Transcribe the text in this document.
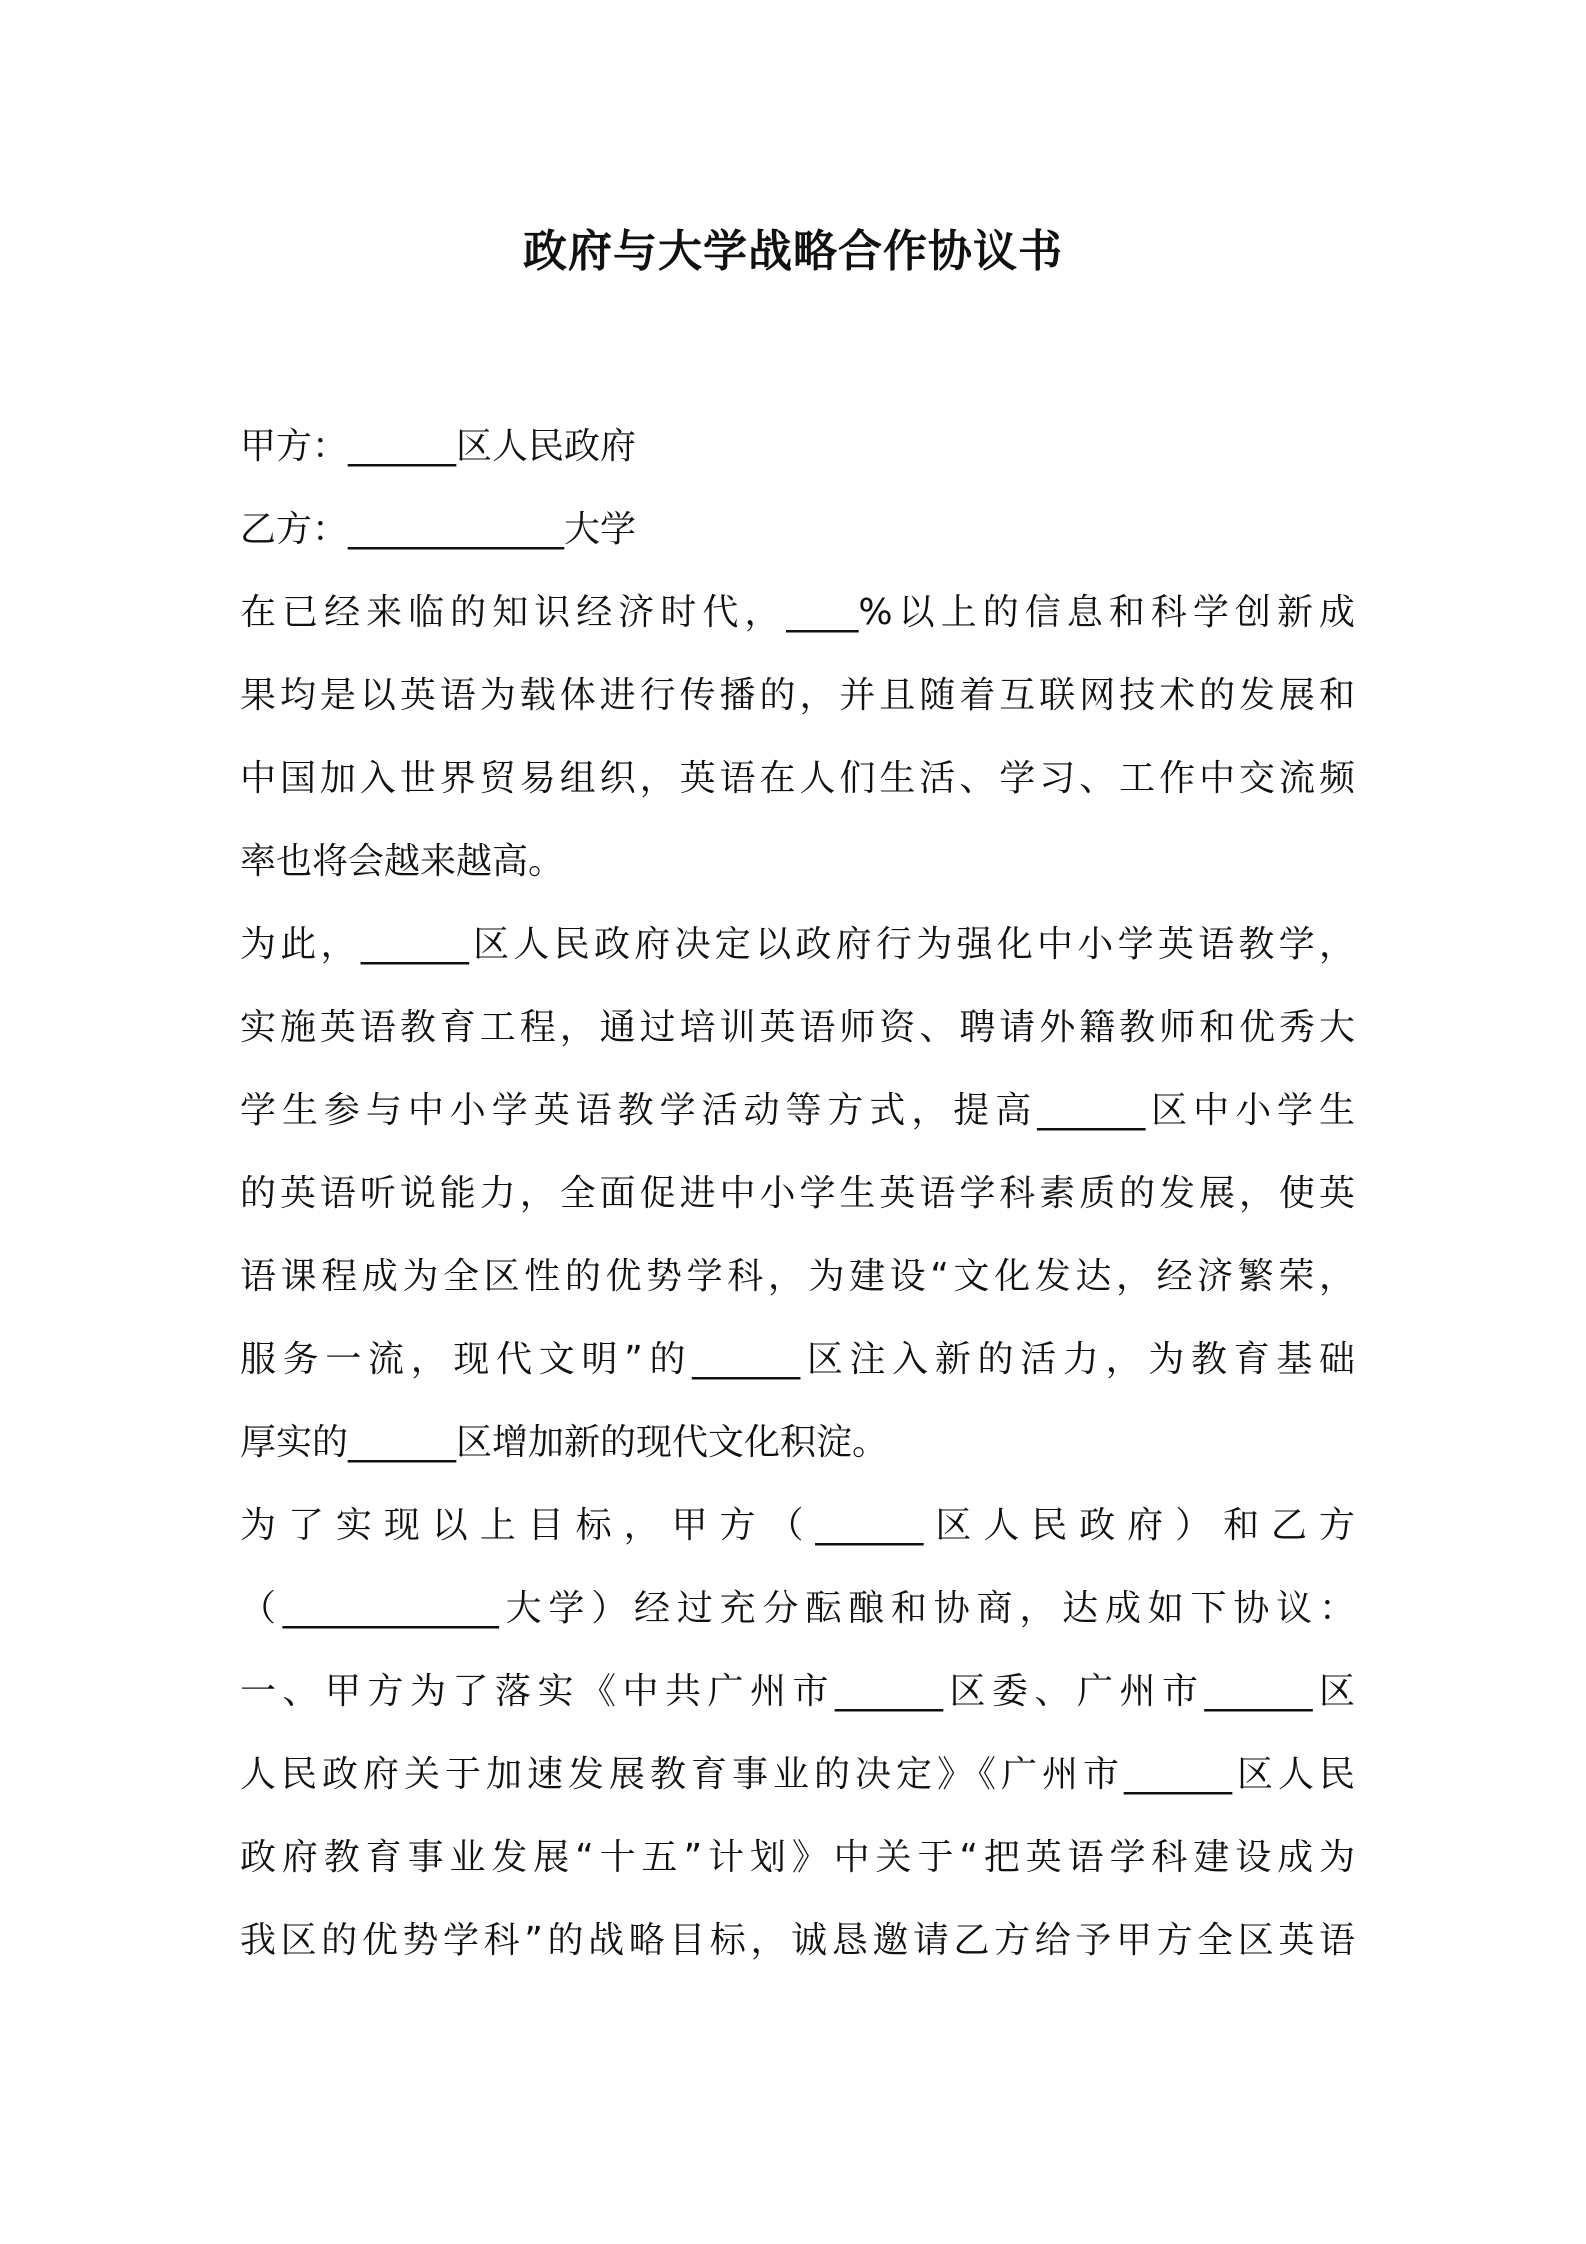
政府与大学战略合作协议书
甲方：______区人民政府
乙方：____________大学
在已经来临的知识经济时代，____%以上的信息和科学创新成
果均是以英语为载体进行传播的，并且随着互联网技术的发展和
中国加入世界贸易组织，英语在人们生活、学习、工作中交流频
率也将会越来越高。
为此，______区人民政府决定以政府行为强化中小学英语教学，
实施英语教育工程，通过培训英语师资、聘请外籍教师和优秀大
学生参与中小学英语教学活动等方式，提高______区中小学生
的英语听说能力，全面促进中小学生英语学科素质的发展，使英
语课程成为全区性的优势学科，为建设“文化发达，经济繁荣，
服务一流，现代文明”的______区注入新的活力，为教育基础
厚实的______区增加新的现代文化积淀。
为了实现以上目标，甲方（______区人民政府）和乙方
（____________大学）经过充分酝酿和协商，达成如下协议：
一、甲方为了落实《中共广州市______区委、广州市______区
人民政府关于加速发展教育事业的决定》《广州市______区人民
政府教育事业发展“十五”计划》中关于“把英语学科建设成为
我区的优势学科”的战略目标，诚恳邀请乙方给予甲方全区英语
